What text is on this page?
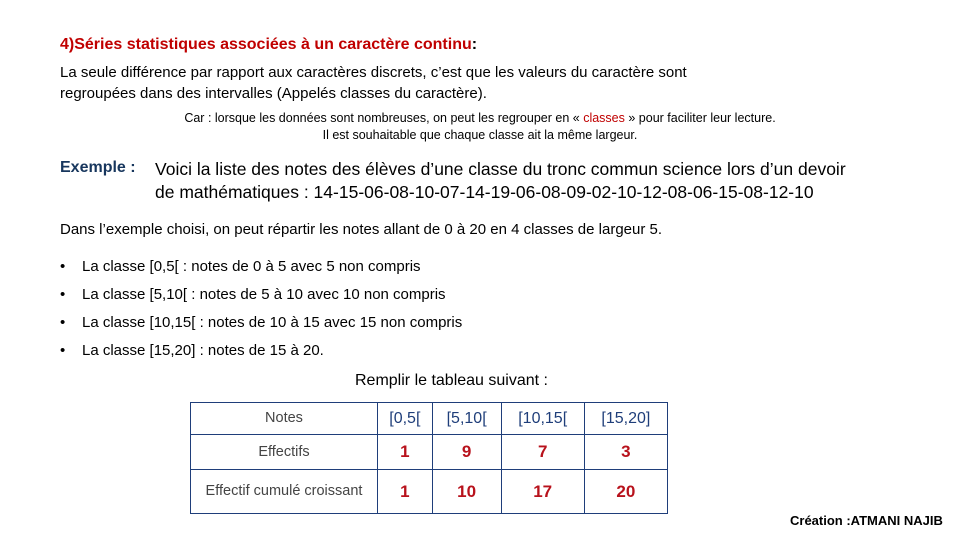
4)Séries statistiques associées à un caractère continu:
La seule différence par rapport aux caractères discrets, c’est que les valeurs du caractère sont
regroupées dans des intervalles (Appelés classes du caractère).
Car : lorsque les données sont nombreuses, on peut les regrouper en « classes » pour faciliter leur lecture.
Il est souhaitable que chaque classe ait la même largeur.
Exemple : Voici la liste des notes des élèves d’une classe du tronc commun science lors d’un devoir
de mathématiques : 14-15-06-08-10-07-14-19-06-08-09-02-10-12-08-06-15-08-12-10
Dans l’exemple choisi, on peut répartir les notes allant de 0 à 20 en 4 classes de largeur 5.
• La classe [0,5[ : notes de 0 à 5 avec 5 non compris
• La classe [5,10[ : notes de 5 à 10 avec 10 non compris
• La classe [10,15[ : notes de 10 à 15 avec 15 non compris
• La classe [15,20] : notes de 15 à 20.
Remplir le tableau suivant :
Notes	[0,5[	[5,10[	[10,15[	[15,20]
Effectifs	1	9	7	3
Effectif cumulé croissant	1	10	17	20
Création :ATMANI NAJIB
